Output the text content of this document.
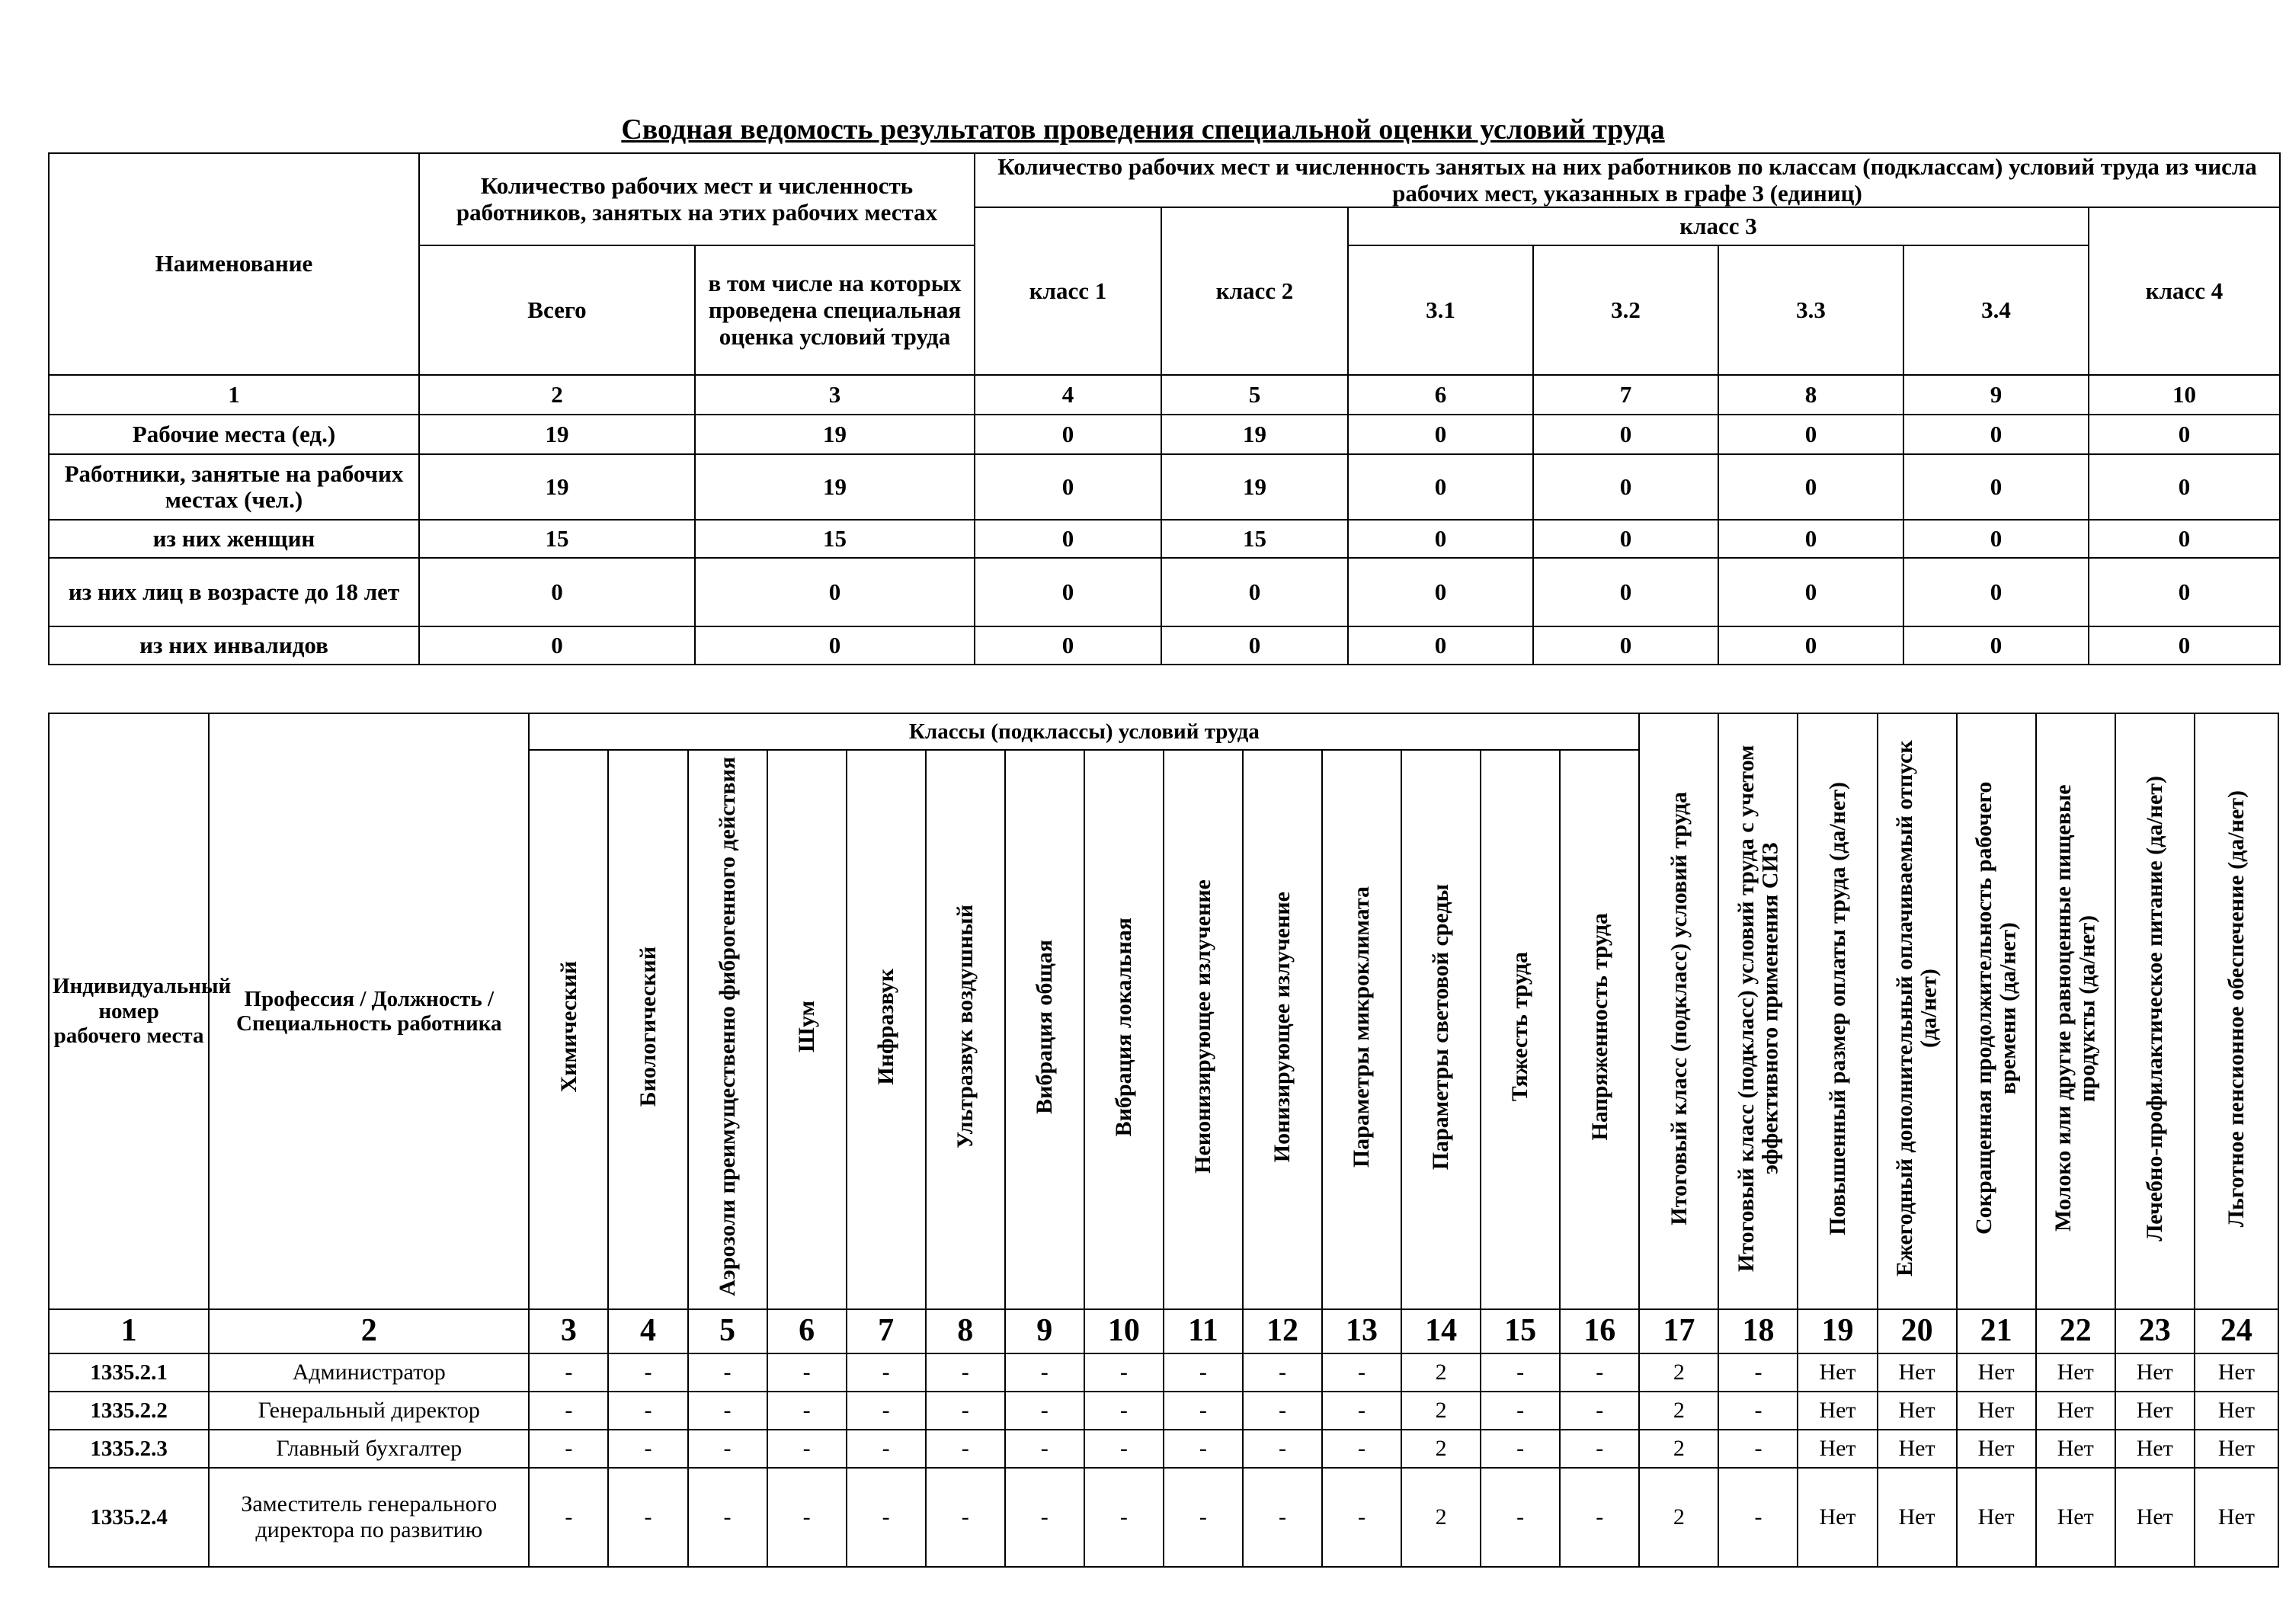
Сводная ведомость результатов проведения специальной оценки условий труда
Наименование	Количество рабочих мест и численность работников, занятых на этих рабочих местах		Количество рабочих мест и численность занятых на них работников по классам (подклассам) условий труда из числа рабочих мест, указанных в графе 3 (единиц)						
			класс 1	класс 2	класс 3				класс 4
	Всего	в том числе на которых проведена специальная оценка условий труда			3.1	3.2	3.3	3.4	

1	2	3	4	5	6	7	8	9	10
Рабочие места (ед.)	19	19	0	19	0	0	0	0	0
Работники, занятые на рабочих местах (чел.)	19	19	0	19	0	0	0	0	0
из них женщин	15	15	0	15	0	0	0	0	0
из них лиц в возрасте до 18 лет	0	0	0	0	0	0	0	0	0
из них инвалидов	0	0	0	0	0	0	0	0	0
Индивидуальный номер рабочего места	Профессия / Должность / Специальность работника	Классы (подклассы) условий труда														Итоговый класс (подкласс) условий труда	Итоговый класс (подкласс) условий труда с учетом эффективного применения СИЗ	Повышенный размер оплаты труда (да/нет)	Ежегодный дополнительный оплачиваемый отпуск (да/нет)	Сокращенная продолжительность рабочего времени (да/нет)	Молоко или другие равноценные пищевые продукты (да/нет)	Лечебно-профилактическое питание (да/нет)	Льготное пенсионное обеспечение (да/нет)
		Химический	Биологический	Аэрозоли преимущественно фиброгенного действия	Шум	Инфразвук	Ультразвук воздушный	Вибрация общая	Вибрация локальная	Неионизирующее излучение	Ионизирующее излучение	Параметры микроклимата	Параметры световой среды	Тяжесть труда	Напряженность труда								
1	2	3	4	5	6	7	8	9	10	11	12	13	14	15	16	17	18	19	20	21	22	23	24
1335.2.1	Администратор	-	-	-	-	-	-	-	-	-	-	-	2	-	-	2	-	Нет	Нет	Нет	Нет	Нет	Нет
1335.2.2	Генеральный директор	-	-	-	-	-	-	-	-	-	-	-	2	-	-	2	-	Нет	Нет	Нет	Нет	Нет	Нет
1335.2.3	Главный бухгалтер	-	-	-	-	-	-	-	-	-	-	-	2	-	-	2	-	Нет	Нет	Нет	Нет	Нет	Нет
1335.2.4	Заместитель генерального директора по развитию	-	-	-	-	-	-	-	-	-	-	-	2	-	-	2	-	Нет	Нет	Нет	Нет	Нет	Нет
